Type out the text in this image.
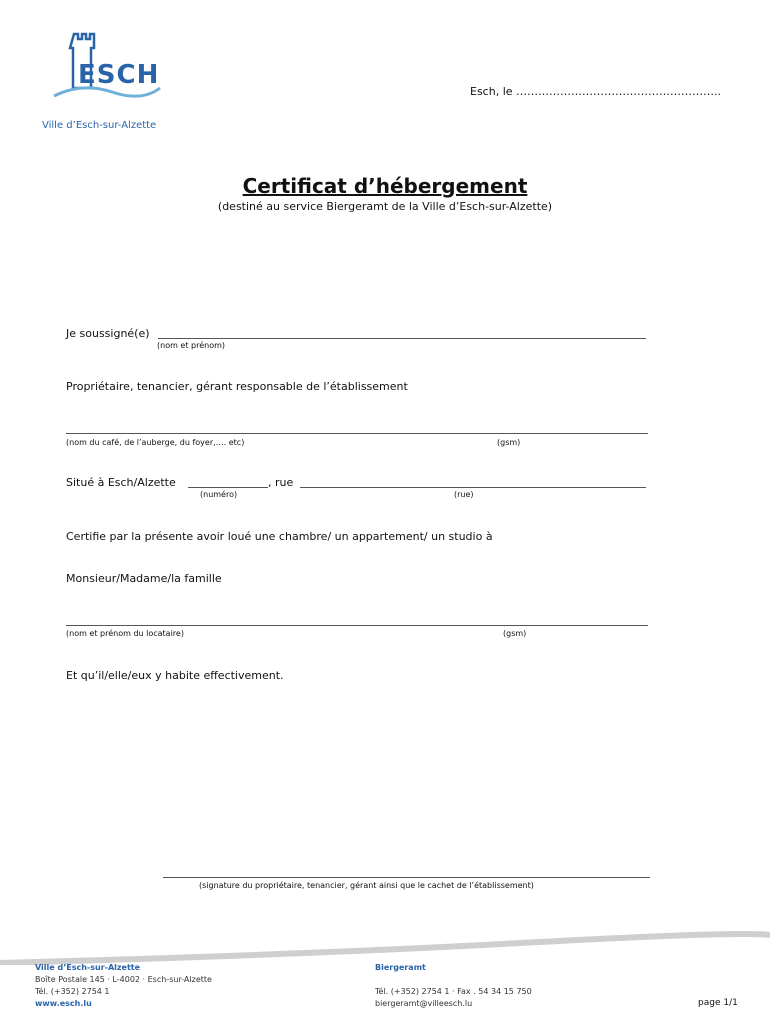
ESCH
Ville d’Esch-sur-Alzette
Esch, le ………………………………………………..
Certificat d’hébergement
(destiné au service Biergeramt de la Ville d’Esch-sur-Alzette)
Je soussigné(e)
(nom et prénom)
Propriétaire, tenancier, gérant responsable de l’établissement
(nom du café, de l’auberge, du foyer,…. etc)	(gsm)
Situé à Esch/Alzette	, rue
(numéro)	(rue)
Certifie par la présente avoir loué une chambre/ un appartement/ un studio à
Monsieur/Madame/la famille
(nom et prénom du locataire)	(gsm)
Et qu’il/elle/eux y habite effectivement.
(signature du propriétaire, tenancier, gérant ainsi que le cachet de l’établissement)
Ville d’Esch-sur-Alzette
Boîte Postale 145 · L-4002 · Esch-sur-Alzette
Tél. (+352) 2754 1
www.esch.lu
Biergeramt

Tél. (+352) 2754 1 · Fax . 54 34 15 750
biergeramt@villeesch.lu	page 1/1
